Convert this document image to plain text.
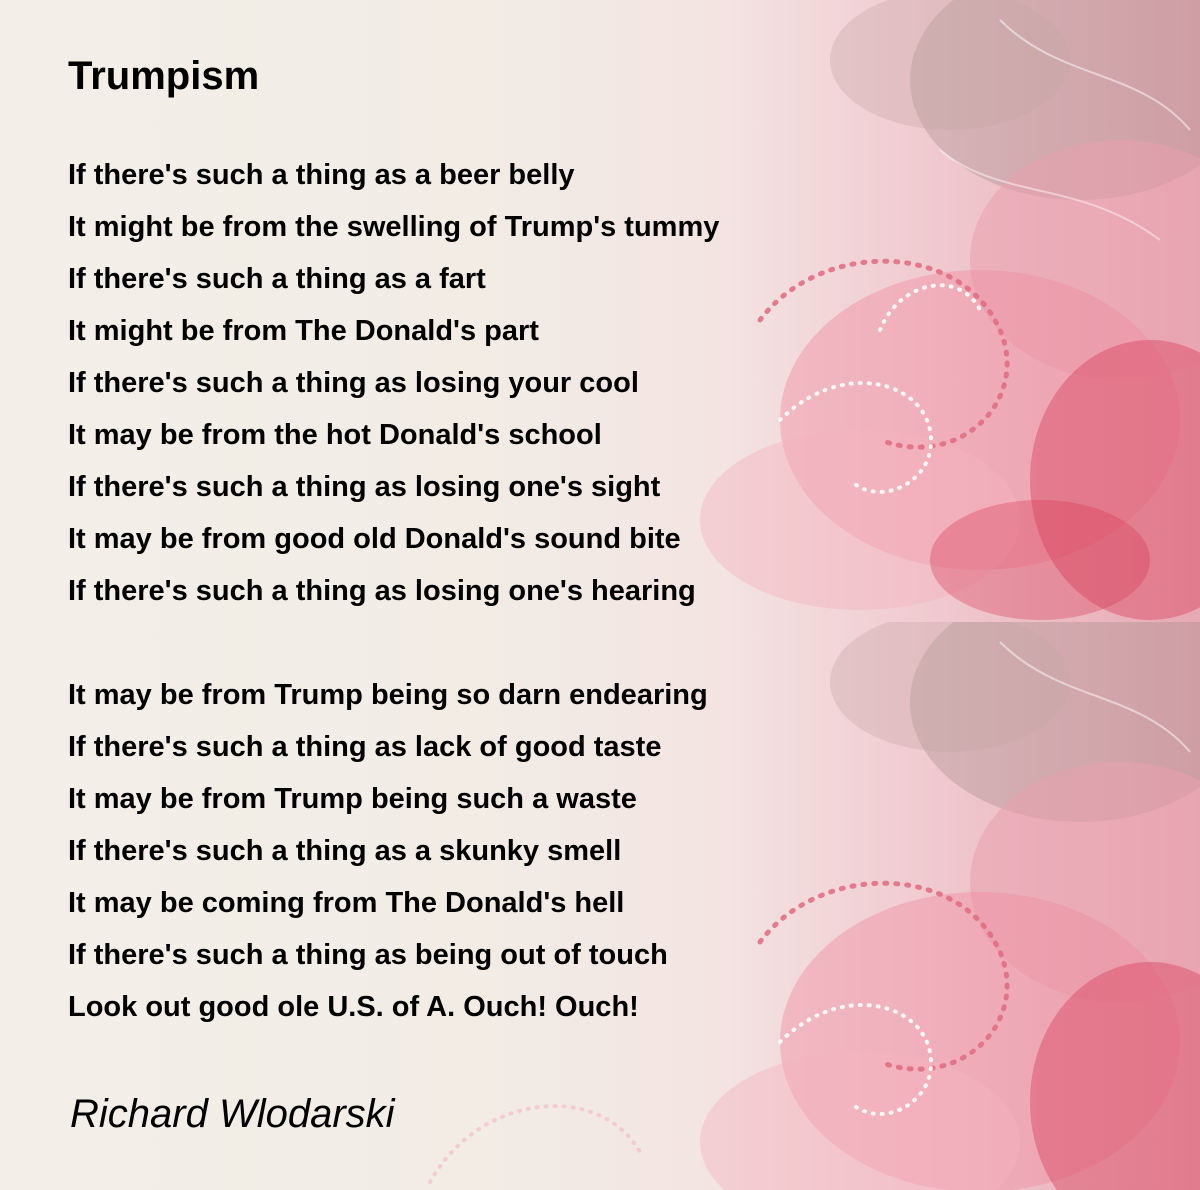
Trumpism
If there's such a thing as a beer belly
It might be from the swelling of Trump's tummy
If there's such a thing as a fart
It might be from The Donald's part
If there's such a thing as losing your cool
It may be from the hot Donald's school
If there's such a thing as losing one's sight
It may be from good old Donald's sound bite
If there's such a thing as losing one's hearing
It may be from Trump being so darn endearing
If there's such a thing as lack of good taste
It may be from Trump being such a waste
If there's such a thing as a skunky smell
It may be coming from The Donald's hell
If there's such a thing as being out of touch
Look out good ole U.S. of A. Ouch! Ouch!

Richard Wlodarski
